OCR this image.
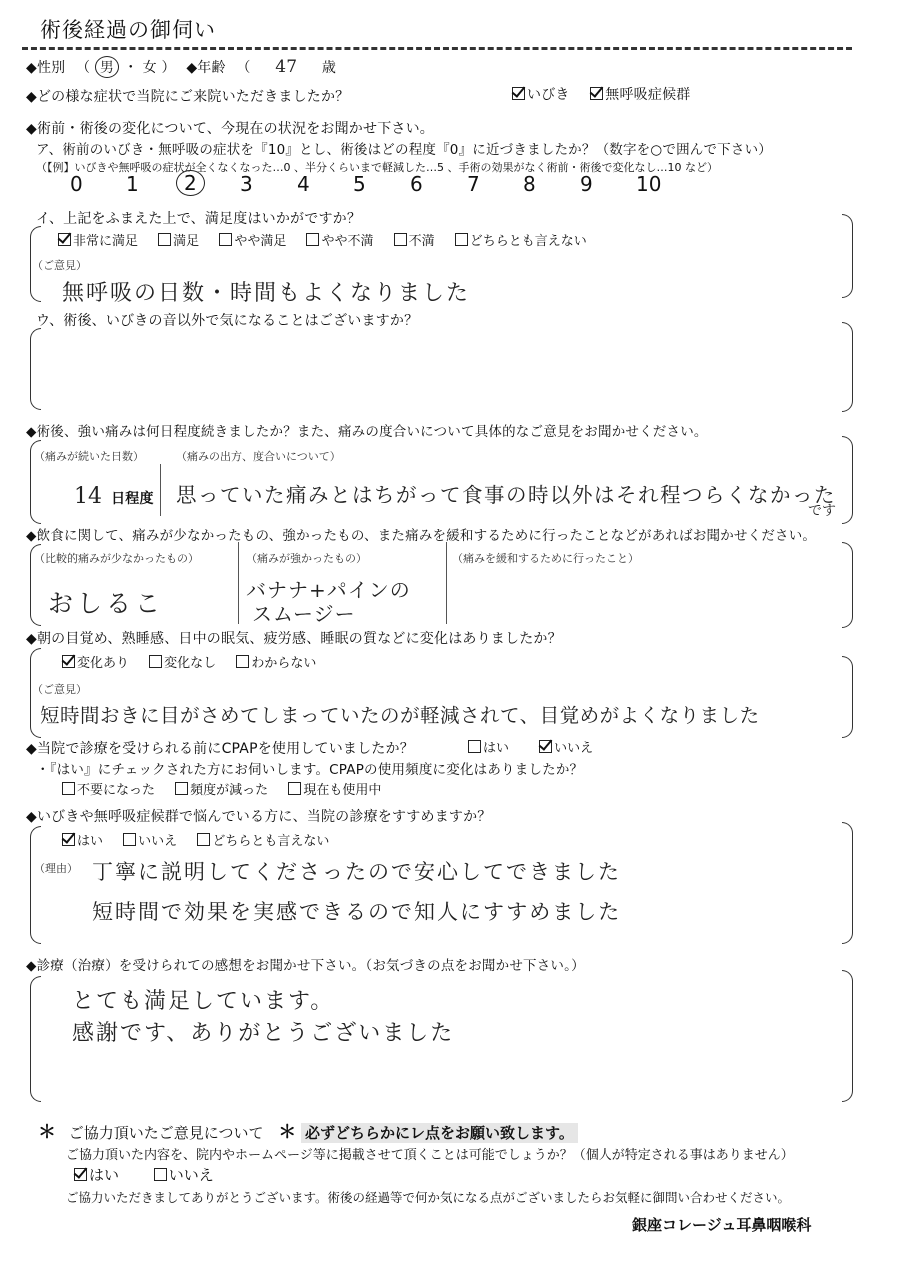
術後経過の御伺い
◆性別 （ 男 ・ 女 ） ◆年齢 （ 47 歳
◆どの様な症状で当院にご来院いただきましたか？	いびき	無呼吸症候群
◆術前・術後の変化について、今現在の状況をお聞かせ下さい。
ア、術前のいびき・無呼吸の症状を『10』とし、術後はどの程度『0』に近づきましたか？（数字を○で囲んで下さい）
（【例】いびきや無呼吸の症状が全くなくなった…0 、半分くらいまで軽減した…5 、手術の効果がなく術前・術後で変化なし…10 など）
0 1	2	3 4 5 6 7 8 9 10
イ、上記をふまえた上で、満足度はいかがですか？
非常に満足	満足	やや満足	やや不満	不満	どちらとも言えない
（ご意見）
無呼吸の日数・時間もよくなりました
ウ、術後、いびきの音以外で気になることはございますか？
◆術後、強い痛みは何日程度続きましたか？また、痛みの度合いについて具体的なご意見をお聞かせください。
（痛みが続いた日数）	（痛みの出方、度合いについて）
14 日程度 思っていた痛みとはちがって食事の時以外はそれ程つらくなかった
です
◆飲食に関して、痛みが少なかったもの、強かったもの、また痛みを緩和するために行ったことなどがあればお聞かせください。
（比較的痛みが少なかったもの）	（痛みが強かったもの）	（痛みを緩和するために行ったこと）
おしるこ	バナナ+パインの
スムージー
◆朝の目覚め、熟睡感、日中の眠気、疲労感、睡眠の質などに変化はありましたか？
変化あり	変化なし	わからない
（ご意見）
短時間おきに目がさめてしまっていたのが軽減されて、目覚めがよくなりました
◆当院で診療を受けられる前にCPAPを使用していましたか？	はい	いいえ
・『はい』にチェックされた方にお伺いします。CPAPの使用頻度に変化はありましたか？
不要になった	頻度が減った	現在も使用中
◆いびきや無呼吸症候群で悩んでいる方に、当院の診療をすすめますか？
はい	いいえ	どちらとも言えない
（理由） 丁寧に説明してくださったので安心してできました
短時間で効果を実感できるので知人にすすめました
◆診療（治療）を受けられての感想をお聞かせ下さい。（お気づきの点をお聞かせ下さい。）
とても満足しています。
感謝です、ありがとうございました
＊ ご協力頂いたご意見について ＊ 必ずどちらかにレ点をお願い致します。
ご協力頂いた内容を、院内やホームページ等に掲載させて頂くことは可能でしょうか？（個人が特定される事はありません）
はい	いいえ
ご協力いただきましてありがとうございます。術後の経過等で何か気になる点がございましたらお気軽に御問い合わせください。
銀座コレージュ耳鼻咽喉科
